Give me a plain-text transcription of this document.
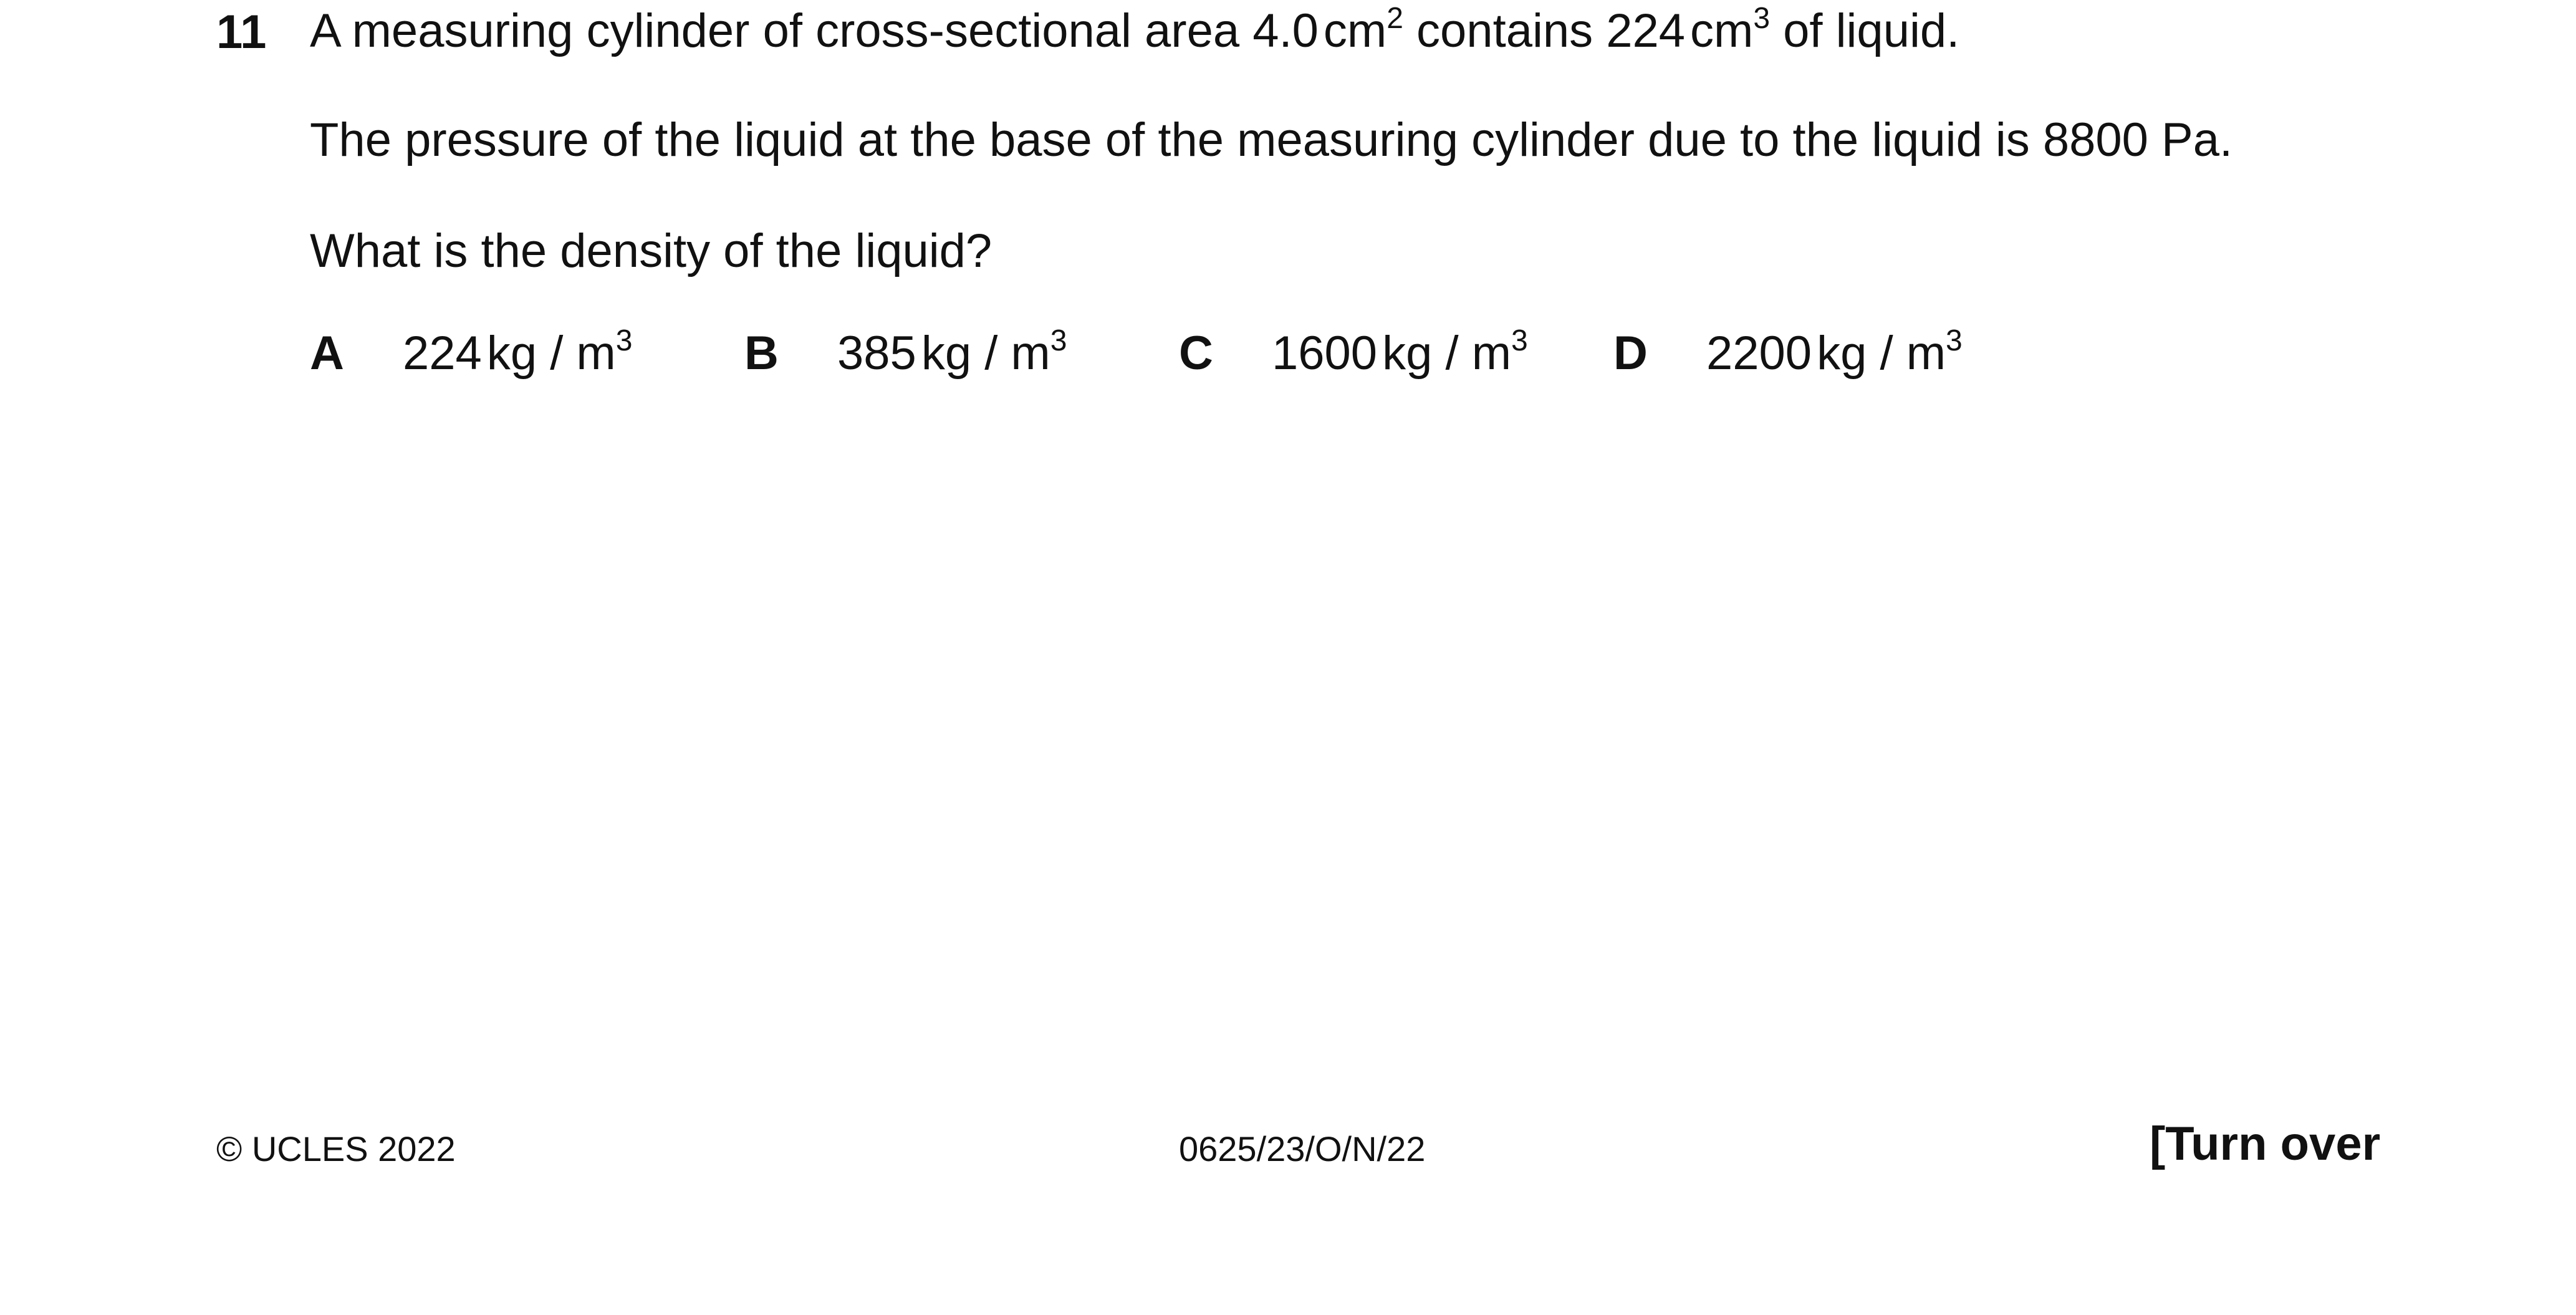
11 A measuring cylinder of cross-sectional area 4.0 $cm^2$ contains 224 $cm^3$ of liquid.
The pressure of the liquid at the base of the measuring cylinder due to the liquid is 8800 Pa.
What is the density of the liquid?
A 224 kg / $m^3$ B 385 kg / $m^3$ C 1600 kg / $m^3$ D 2200 kg / $m^3$
© UCLES 2022	0625/23/O/N/22	[Turn over
